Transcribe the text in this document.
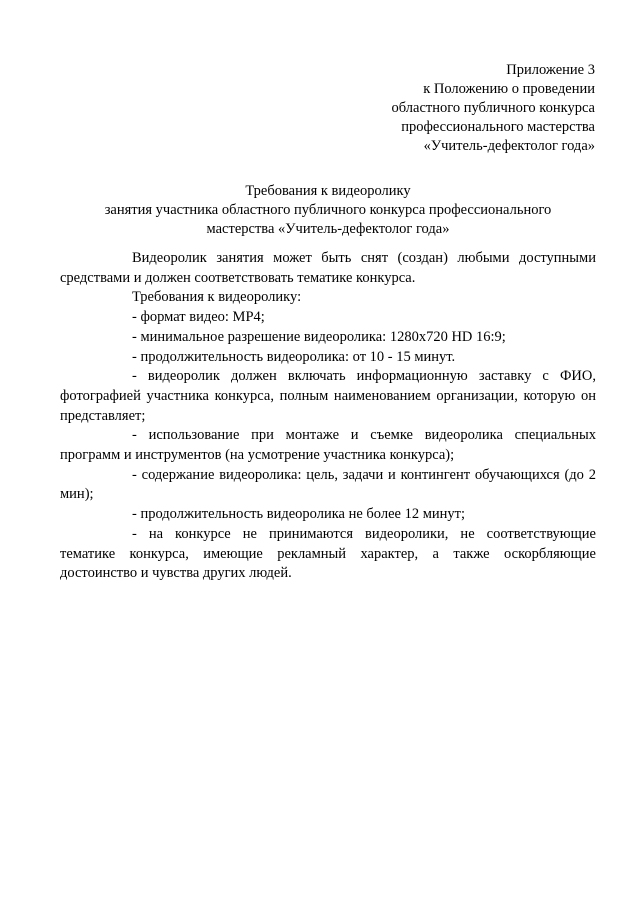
Приложение 3
к Положению о проведении
областного публичного конкурса
профессионального мастерства
«Учитель-дефектолог года»
Требования к видеоролику
занятия участника областного публичного конкурса профессионального
мастерства «Учитель-дефектолог года»

Видеоролик занятия может быть снят (создан) любыми доступными средствами и должен соответствовать тематике конкурса.

Требования к видеоролику:

- формат видео: MP4;

- минимальное разрешение видеоролика: 1280х720 HD 16:9;

- продолжительность видеоролика: от 10 - 15 минут.

- видеоролик должен включать информационную заставку с ФИО, фотографией участника конкурса, полным наименованием организации, которую он представляет;

- использование при монтаже и съемке видеоролика специальных программ и инструментов (на усмотрение участника конкурса);

- содержание видеоролика: цель, задачи и контингент обучающихся (до 2 мин);

- продолжительность видеоролика не более 12 минут;

- на конкурсе не принимаются видеоролики, не соответствующие тематике конкурса, имеющие рекламный характер, а также оскорбляющие достоинство и чувства других людей.
